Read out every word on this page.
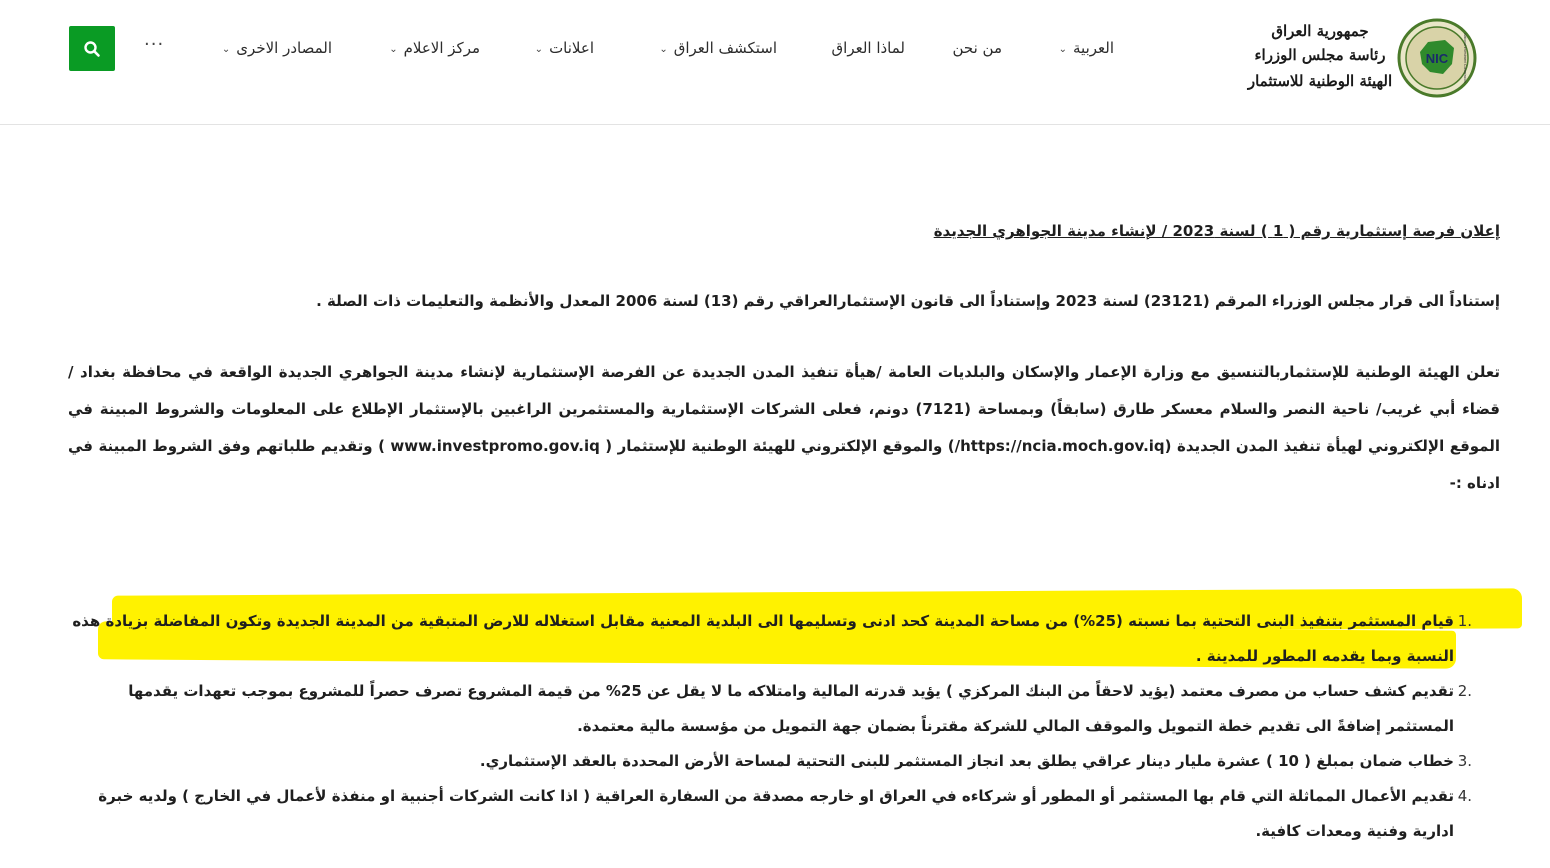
NIC	National Investment Commission
جمهورية العراق
رئاسة مجلس الوزراء
الهيئة الوطنية للاستثمار
العربية⌄
من نحن
لماذا العراق
استكشف العراق⌄
اعلانات⌄
مركز الاعلام⌄
المصادر الاخرى⌄
···
إعلان فرصة إستثمارية رقم ( 1 ) لسنة 2023 / لإنشاء مدينة الجواهري الجديدة
إستناداً الى قرار مجلس الوزراء المرقم (23121) لسنة 2023 وإستناداً الى قانون الإستثمارالعراقي رقم (13) لسنة 2006 المعدل والأنظمة والتعليمات ذات الصلة .
تعلن الهيئة الوطنية للإستثماربالتنسيق مع وزارة الإعمار والإسكان والبلديات العامة /هيأة تنفيذ المدن الجديدة عن الفرصة الإستثمارية لإنشاء مدينة الجواهري الجديدة الواقعة في محافظة بغداد / قضاء أبي غريب/ ناحية النصر والسلام معسكر طارق (سابقاً) وبمساحة (7121) دونم، فعلى الشركات الإستثمارية والمستثمرين الراغبين بالإستثمار الإطلاع على المعلومات والشروط المبينة في الموقع الإلكتروني لهيأة تنفيذ المدن الجديدة (https://ncia.moch.gov.iq/) والموقع الإلكتروني للهيئة الوطنية للإستثمار ( www.investpromo.gov.iq ) وتقديم طلباتهم وفق الشروط المبينة في ادناه :-
1.
قيام المستثمر بتنفيذ البنى التحتية بما نسبته (25%) من مساحة المدينة كحد ادنى وتسليمها الى البلدية المعنية مقابل استغلاله للارض المتبقية من المدينة الجديدة وتكون المفاضلة بزيادة هذه النسبة وبما يقدمه المطور للمدينة .
2.
تقديم كشف حساب من مصرف معتمد (يؤيد لاحقاً من البنك المركزي ) يؤيد قدرته المالية وامتلاكه ما لا يقل عن 25% من قيمة المشروع تصرف حصراً للمشروع بموجب تعهدات يقدمها المستثمر إضافةً الى تقديم خطة التمويل والموقف المالي للشركة مقترناً بضمان جهة التمويل من مؤسسة مالية معتمدة.
3.
خطاب ضمان بمبلغ ( 10 ) عشرة مليار دينار عراقي يطلق بعد انجاز المستثمر للبنى التحتية لمساحة الأرض المحددة بالعقد الإستثماري.
4.
تقديم الأعمال المماثلة التي قام بها المستثمر أو المطور أو شركاءه في العراق او خارجه مصدقة من السفارة العراقية ( اذا كانت الشركات أجنبية او منفذة لأعمال في الخارج ) ولديه خبرة ادارية وفنية ومعدات كافية.
